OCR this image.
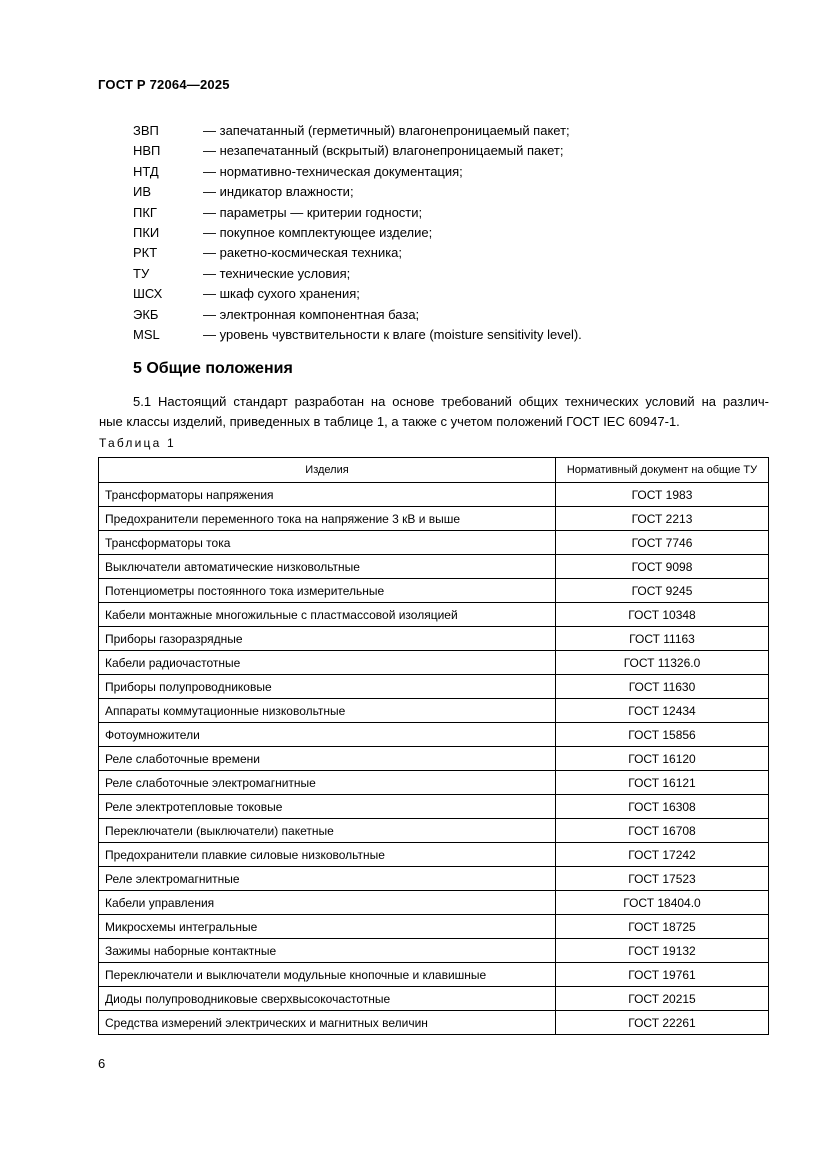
ГОСТ Р 72064—2025
ЗВП	— запечатанный (герметичный) влагонепроницаемый пакет;
НВП	— незапечатанный (вскрытый) влагонепроницаемый пакет;
НТД	— нормативно-техническая документация;
ИВ	— индикатор влажности;
ПКГ	— параметры — критерии годности;
ПКИ	— покупное комплектующее изделие;
РКТ	— ракетно-космическая техника;
ТУ	— технические условия;
ШСХ	— шкаф сухого хранения;
ЭКБ	— электронная компонентная база;
MSL	— уровень чувствительности к влаге (moisture sensitivity level).
5 Общие положения
5.1 Настоящий стандарт разработан на основе требований общих технических условий на различ-
ные классы изделий, приведенных в таблице 1, а также с учетом положений ГОСТ IEC 60947-1.
Таблица 1
Изделия	Нормативный документ на общие ТУ
Трансформаторы напряжения	ГОСТ 1983
Предохранители переменного тока на напряжение 3 кВ и выше	ГОСТ 2213
Трансформаторы тока	ГОСТ 7746
Выключатели автоматические низковольтные	ГОСТ 9098
Потенциометры постоянного тока измерительные	ГОСТ 9245
Кабели монтажные многожильные с пластмассовой изоляцией	ГОСТ 10348
Приборы газоразрядные	ГОСТ 11163
Кабели радиочастотные	ГОСТ 11326.0
Приборы полупроводниковые	ГОСТ 11630
Аппараты коммутационные низковольтные	ГОСТ 12434
Фотоумножители	ГОСТ 15856
Реле слаботочные времени	ГОСТ 16120
Реле слаботочные электромагнитные	ГОСТ 16121
Реле электротепловые токовые	ГОСТ 16308
Переключатели (выключатели) пакетные	ГОСТ 16708
Предохранители плавкие силовые низковольтные	ГОСТ 17242
Реле электромагнитные	ГОСТ 17523
Кабели управления	ГОСТ 18404.0
Микросхемы интегральные	ГОСТ 18725
Зажимы наборные контактные	ГОСТ 19132
Переключатели и выключатели модульные кнопочные и клавишные	ГОСТ 19761
Диоды полупроводниковые сверхвысокочастотные	ГОСТ 20215
Средства измерений электрических и магнитных величин	ГОСТ 22261
6
